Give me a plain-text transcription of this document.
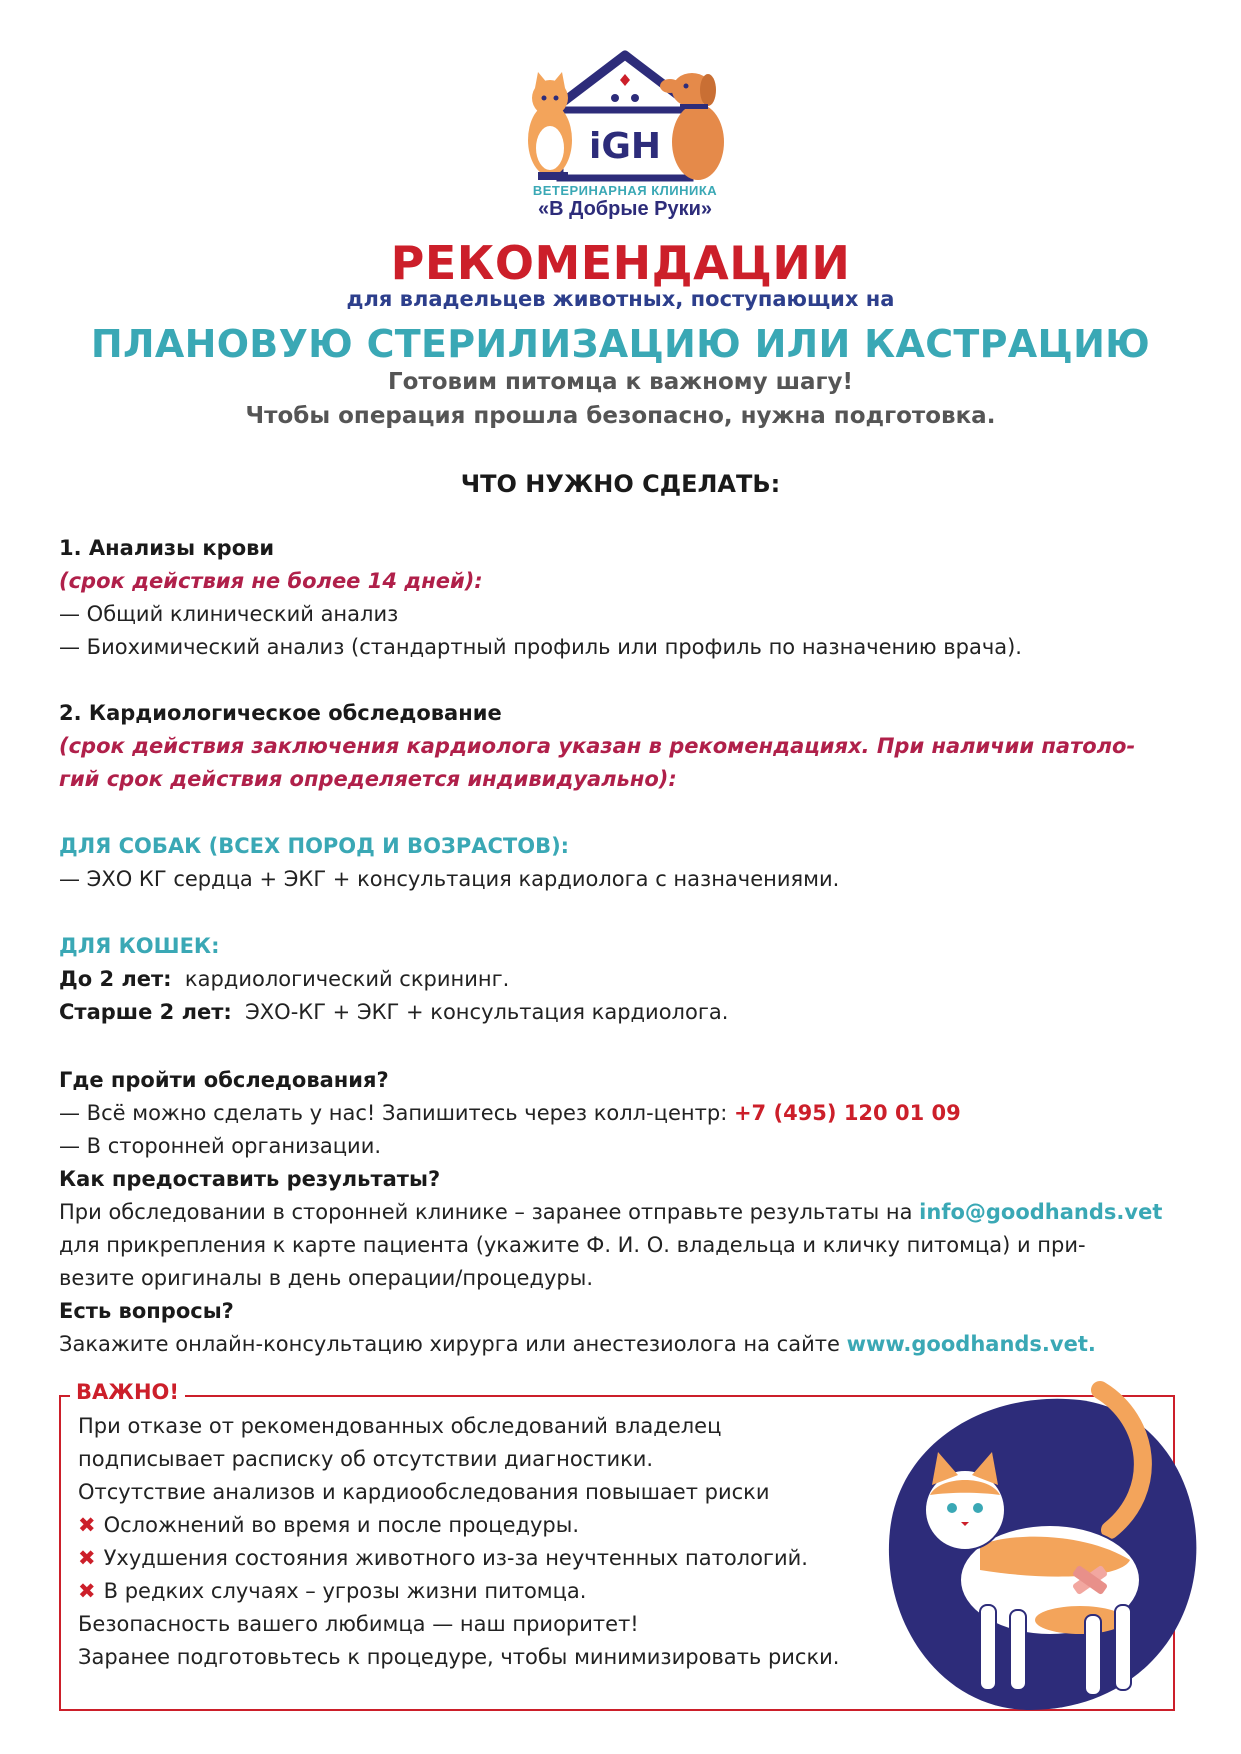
iGH
ВЕТЕРИНАРНАЯ КЛИНИКА
«В Добрые Руки»
РЕКОМЕНДАЦИИ
для владельцев животных, поступающих на
ПЛАНОВУЮ СТЕРИЛИЗАЦИЮ ИЛИ КАСТРАЦИЮ
Готовим питомца к важному шагу!
Чтобы операция прошла безопасно, нужна подготовка.
ЧТО НУЖНО СДЕЛАТЬ:
1. Анализы крови
(срок действия не более 14 дней):
— Общий клинический анализ
— Биохимический анализ (стандартный профиль или профиль по назначению врача).
2. Кардиологическое обследование
(срок действия заключения кардиолога указан в рекомендациях. При наличии патоло-
гий срок действия определяется индивидуально):
ДЛЯ СОБАК (ВСЕХ ПОРОД И ВОЗРАСТОВ):
— ЭХО КГ сердца + ЭКГ + консультация кардиолога с назначениями.
ДЛЯ КОШЕК:
До 2 лет: кардиологический скрининг.
Старше 2 лет: ЭХО-КГ + ЭКГ + консультация кардиолога.
Где пройти обследования?
— Всё можно сделать у нас! Запишитесь через колл-центр: +7 (495) 120 01 09
— В сторонней организации.
Как предоставить результаты?
При обследовании в сторонней клинике – заранее отправьте результаты на info@goodhands.vet
для прикрепления к карте пациента (укажите Ф. И. О. владельца и кличку питомца) и при-
везите оригиналы в день операции/процедуры.
Есть вопросы?
Закажите онлайн-консультацию хирурга или анестезиолога на сайте www.goodhands.vet.
ВАЖНО!
При отказе от рекомендованных обследований владелец
подписывает расписку об отсутствии диагностики.
Отсутствие анализов и кардиообследования повышает риски
✖ Осложнений во время и после процедуры.
✖ Ухудшения состояния животного из-за неучтенных патологий.
✖ В редких случаях – угрозы жизни питомца.
Безопасность вашего любимца — наш приоритет!
Заранее подготовьтесь к процедуре, чтобы минимизировать риски.
